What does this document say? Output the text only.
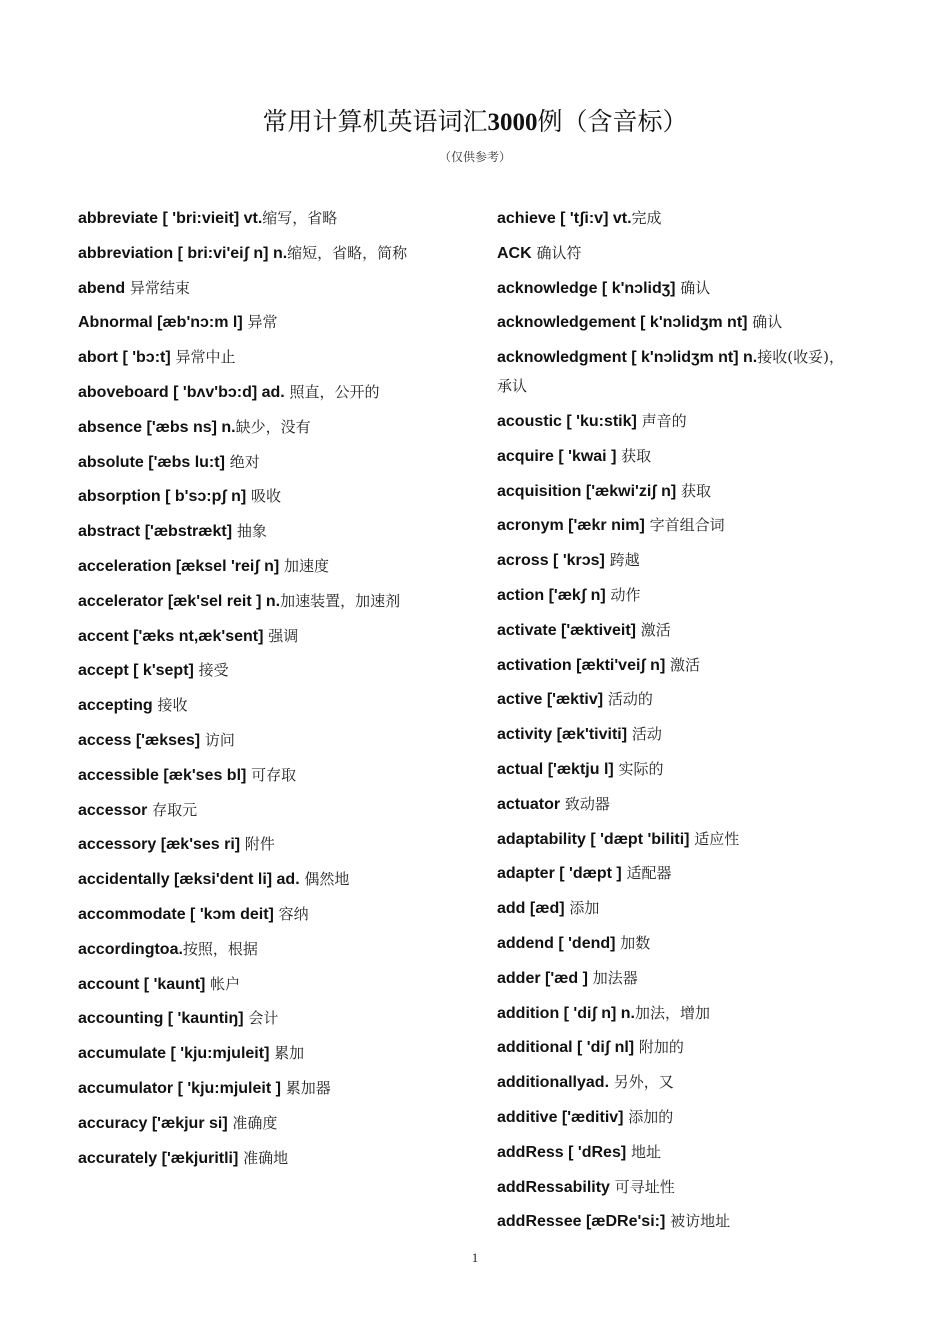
常用计算机英语词汇3000例（含音标）
（仅供参考）
abbreviate [ 'bri:vieit] vt.缩写，省略
abbreviation [ bri:vi'eiʃ n] n.缩短，省略，简称
abend 异常结束
Abnormal [æb'nɔ:m l] 异常
abort [ 'bɔ:t] 异常中止
aboveboard [ 'bʌv'bɔ:d] ad. 照直，公开的
absence ['æbs ns] n.缺少，没有
absolute ['æbs lu:t] 绝对
absorption [ b'sɔ:pʃ n] 吸收
abstract ['æbstrækt] 抽象
acceleration [æksel 'reiʃ n] 加速度
accelerator [æk'sel reit ] n.加速装置，加速剂
accent ['æks nt,æk'sent] 强调
accept [ k'sept] 接受
accepting 接收
access ['ækses] 访问
accessible [æk'ses bl] 可存取
accessor 存取元
accessory [æk'ses ri] 附件
accidentally [æksi'dent li] ad. 偶然地
accommodate [ 'kɔm deit] 容纳
accordingtoa.按照，根据
account [ 'kaunt] 帐户
accounting [ 'kauntiŋ] 会计
accumulate [ 'kju:mjuleit] 累加
accumulator [ 'kju:mjuleit ] 累加器
accuracy ['ækjur si] 准确度
accurately ['ækjuritli] 准确地
achieve [ 'tʃi:v] vt.完成
ACK 确认符
acknowledge [ k'nɔlidʒ] 确认
acknowledgement [ k'nɔlidʒm nt] 确认
acknowledgment [ k'nɔlidʒm nt] n.接收(收妥)，承认
acoustic [ 'ku:stik] 声音的
acquire [ 'kwai ] 获取
acquisition ['ækwi'ziʃ n] 获取
acronym ['ækr nim] 字首组合词
across [ 'krɔs] 跨越
action ['ækʃ n] 动作
activate ['æktiveit] 激活
activation [ækti'veiʃ n] 激活
active ['æktiv] 活动的
activity [æk'tiviti] 活动
actual ['æktju l] 实际的
actuator 致动器
adaptability [ 'dæpt 'biliti] 适应性
adapter [ 'dæpt ] 适配器
add [æd] 添加
addend [ 'dend] 加数
adder ['æd ] 加法器
addition [ 'diʃ n] n.加法，增加
additional [ 'diʃ nl] 附加的
additionallyad. 另外，又
additive ['æditiv] 添加的
addRess [ 'dRes] 地址
addRessability 可寻址性
addRessee [æDRe'si:] 被访地址
1
